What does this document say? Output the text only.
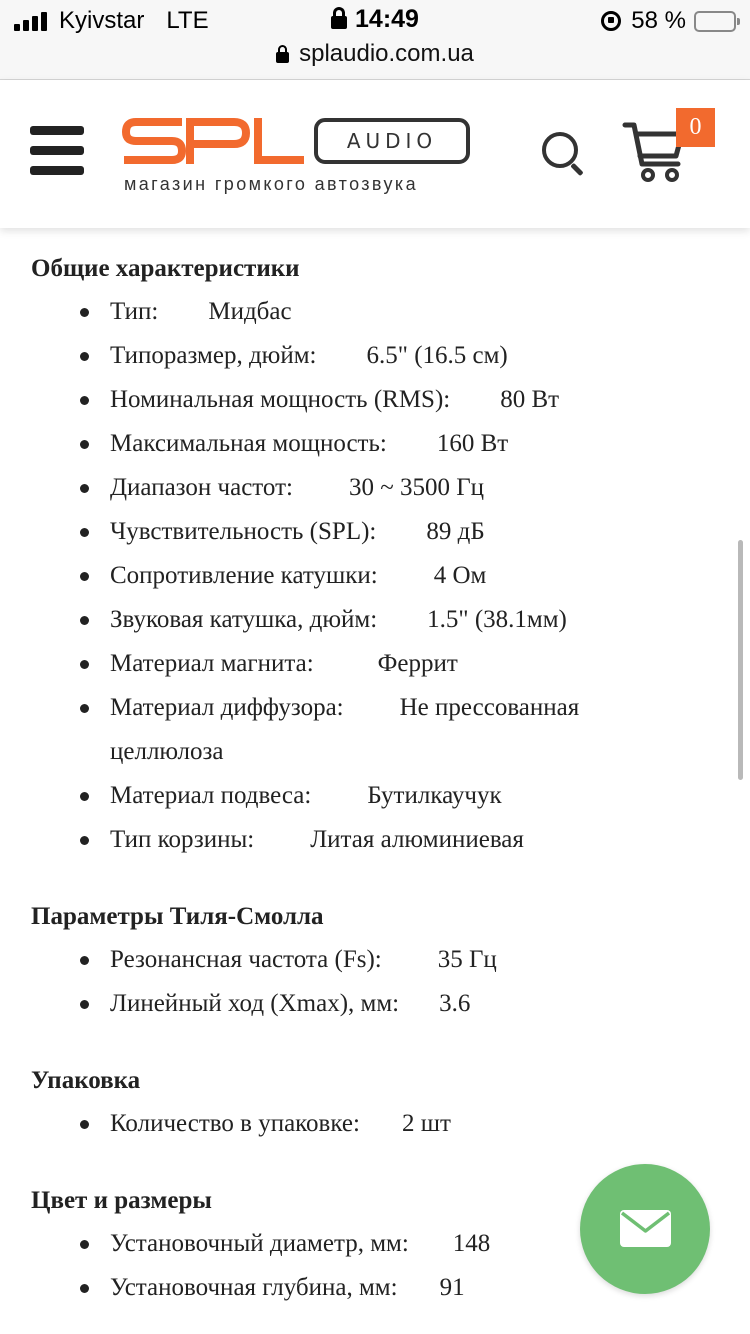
Kyivstar LTE	14:49	58 %
splaudio.com.ua
AUDIO
магазин громкого автозвука
0
Общие характеристики
Тип: Мидбас
Типоразмер, дюйм: 6.5" (16.5 см)
Номинальная мощность (RMS): 80 Вт
Максимальная мощность: 160 Вт
Диапазон частот: 30 ~ 3500 Гц
Чувствительность (SPL): 89 дБ
Сопротивление катушки: 4 Ом
Звуковая катушка, дюйм: 1.5" (38.1мм)
Материал магнита:	Феррит
Материал диффузора: Не прессованная
целлюлоза
Материал подвеса: Бутилкаучук
Тип корзины: Литая алюминиевая
Параметры Тиля-Смолла
Резонансная частота (Fs): 35 Гц
Линейный ход (Xmax), мм: 3.6
Упаковка
Количество в упаковке: 2 шт
Цвет и размеры
Установочный диаметр, мм: 148
Установочная глубина, мм: 91
